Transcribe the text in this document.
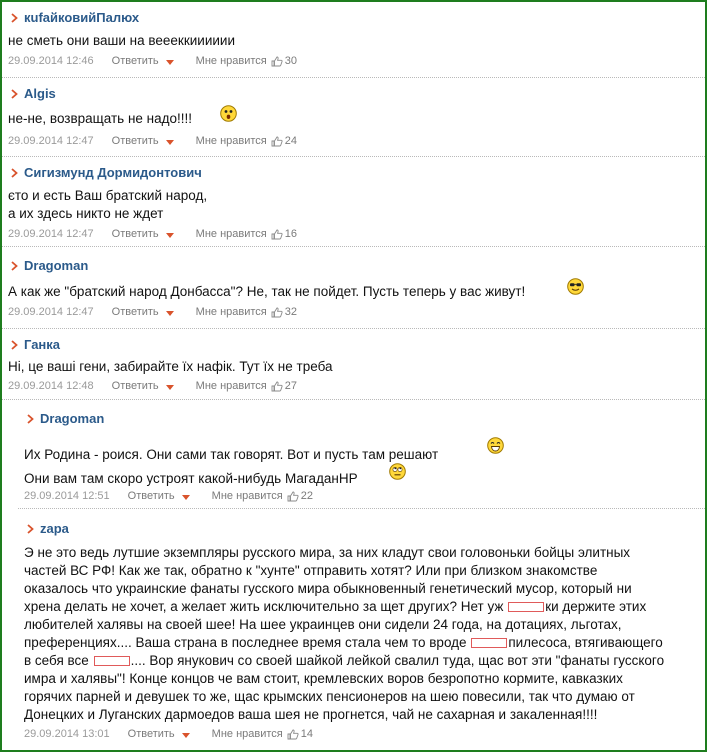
кufайковийПалюх
не сметь они ваши на веееккииииии
29.09.2014 12:46 Ответить	Мне нравится 30
Algis
не-не, возвращать не надо!!!!
29.09.2014 12:47 Ответить	Мне нравится 24
Сигизмунд Дормидонтович
єто и есть Ваш братский народ,
а их здесь никто не ждет
29.09.2014 12:47 Ответить	Мне нравится 16
Dragoman
А как же "братский народ Донбасса"? Не, так не пойдет. Пусть теперь у вас живут!
29.09.2014 12:47 Ответить	Мне нравится 32
Ганка
Ні, це ваші гени, забирайте їх нафік. Тут їх не треба
29.09.2014 12:48 Ответить	Мне нравится 27
Dragoman
Их Родина - роися. Они сами так говорят. Вот и пусть там решают
Они вам там скоро устроят какой-нибудь МагаданНР
29.09.2014 12:51 Ответить	Мне нравится 22
zapa
Э не это ведь лутшие экземпляры русского мира, за них кладут свои головоньки бойцы элитных
частей ВС РФ! Как же так, обратно к "хунте" отправить хотят? Или при близком знакомстве
оказалось что украинские фанаты гусского мира обыкновенный генетический мусор, который ни
хрена делать не хочет, а желает жить исключительно за щет других? Нет уж	ки держите этих
любителей халявы на своей шее! На шее украинцев они сидели 24 года, на дотациях, льготах,
преференциях.... Ваша страна в последнее время стала чем то вроде	пилесоса, втягивающего
в себя все	.... Вор янукович со своей шайкой лейкой свалил туда, щас вот эти "фанаты гусского
имра и халявы"! Конце концов че вам стоит, кремлевских воров безропотно кормите, кавказких
горячих парней и девушек то же, щас крымских пенсионеров на шею повесили, так что думаю от
Донецких и Луганских дармоедов ваша шея не прогнется, чай не сахарная и закаленная!!!!
29.09.2014 13:01 Ответить	Мне нравится 14
